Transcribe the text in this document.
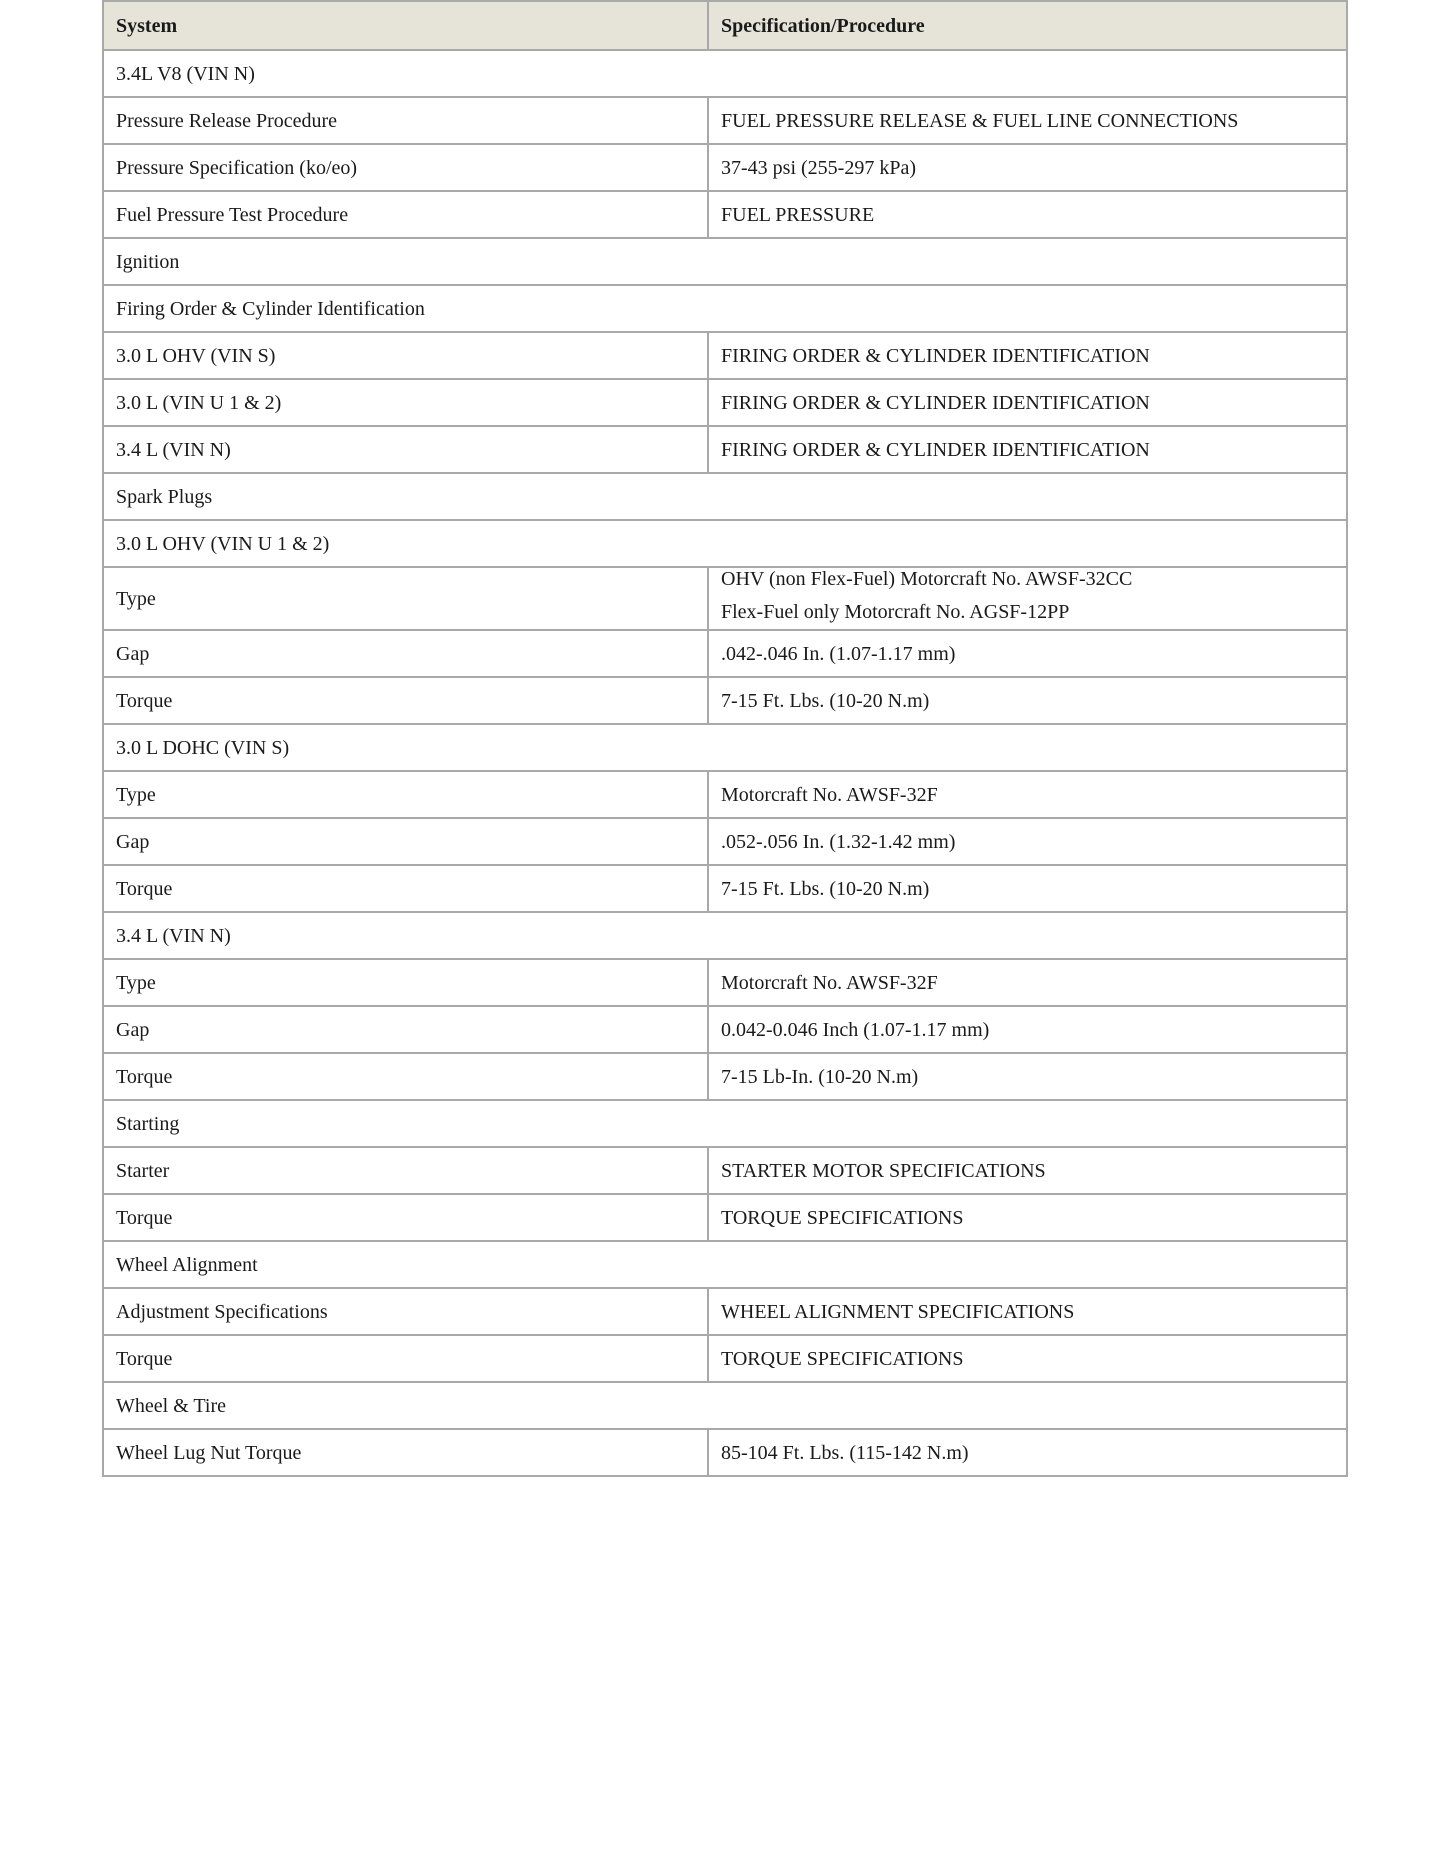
System	Specification/Procedure
3.4L V8 (VIN N)	
Pressure Release Procedure	FUEL PRESSURE RELEASE & FUEL LINE CONNECTIONS
Pressure Specification (ko/eo)	37-43 psi (255-297 kPa)
Fuel Pressure Test Procedure	FUEL PRESSURE
Ignition	
Firing Order & Cylinder Identification	
3.0 L OHV (VIN S)	FIRING ORDER & CYLINDER IDENTIFICATION
3.0 L (VIN U 1 & 2)	FIRING ORDER & CYLINDER IDENTIFICATION
3.4 L (VIN N)	FIRING ORDER & CYLINDER IDENTIFICATION
Spark Plugs	
3.0 L OHV (VIN U 1 & 2)	
Type	OHV (non Flex-Fuel) Motorcraft No. AWSF-32CC
Flex-Fuel only Motorcraft No. AGSF-12PP

Gap	.042-.046 In. (1.07-1.17 mm)
Torque	7-15 Ft. Lbs. (10-20 N.m)
3.0 L DOHC (VIN S)	
Type	Motorcraft No. AWSF-32F
Gap	.052-.056 In. (1.32-1.42 mm)
Torque	7-15 Ft. Lbs. (10-20 N.m)
3.4 L (VIN N)	
Type	Motorcraft No. AWSF-32F
Gap	0.042-0.046 Inch (1.07-1.17 mm)
Torque	7-15 Lb-In. (10-20 N.m)
Starting	
Starter	STARTER MOTOR SPECIFICATIONS
Torque	TORQUE SPECIFICATIONS
Wheel Alignment	
Adjustment Specifications	WHEEL ALIGNMENT SPECIFICATIONS
Torque	TORQUE SPECIFICATIONS
Wheel & Tire	
Wheel Lug Nut Torque	85-104 Ft. Lbs. (115-142 N.m)
